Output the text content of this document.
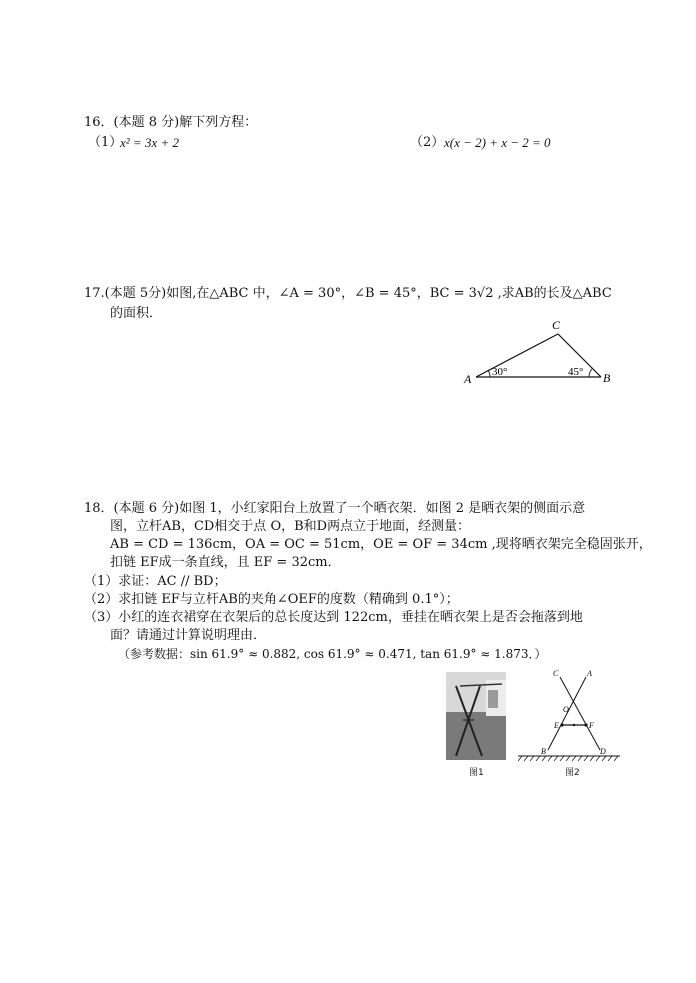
16．(本题 8 分)解下列方程：
（1）
x² = 3x + 2	（2） x(x − 2) + x − 2 = 0
17.(本题 5分)如图,在△ABC 中，∠A = 30°，∠B = 45°，BC = 3√2 ,求AB的长及△ABC
的面积．
A	B
C
30°	45°
18．(本题 6 分)如图 1，小红家阳台上放置了一个晒衣架．如图 2 是晒衣架的侧面示意
图，立杆AB，CD相交于点 O，B和D两点立于地面，经测量：
AB = CD = 136cm，OA = OC = 51cm，OE = OF = 34cm ,现将晒衣架完全稳固张开，
扣链 EF成一条直线，且 EF = 32cm．
（1）求证：AC // BD；
（2）求扣链 EF与立杆AB的夹角∠OEF的度数（精确到 0.1°）；
（3）小红的连衣裙穿在衣架后的总长度达到 122cm，垂挂在晒衣架上是否会拖落到地
面？请通过计算说明理由．
（参考数据：sin 61.9° ≈ 0.882, cos 61.9° ≈ 0.471, tan 61.9° ≈ 1.873．）
图1
C	A
O
E	F
B	D
图2
